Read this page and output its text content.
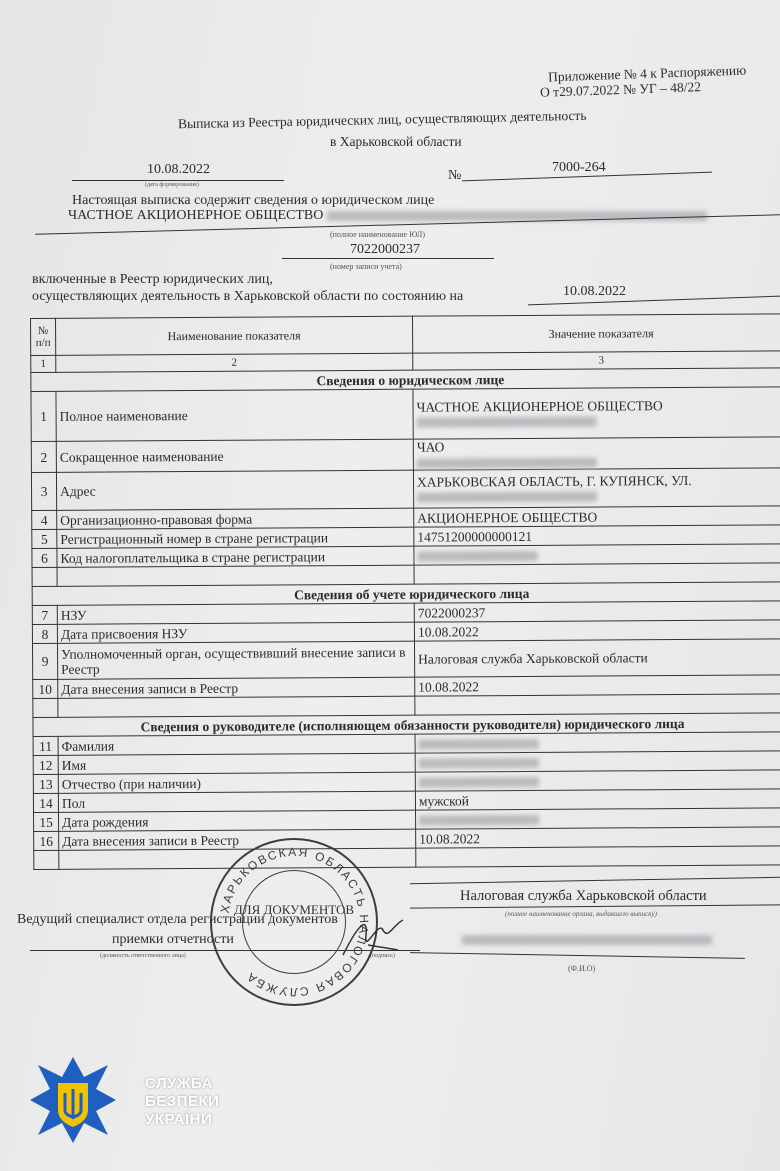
Приложение № 4 к Распоряжению
О т29.07.2022 № УГ – 48/22
Выписка из Реестра юридических лиц, осуществляющих деятельность
в Харьковской области
10.08.2022
(дата формирования)
№
7000-264
Настоящая выписка содержит сведения о юридическом лице
ЧАСТНОЕ АКЦИОНЕРНОЕ ОБЩЕСТВО
(полное наименование ЮЛ)
7022000237
(номер записи учета)
включенные в Реестр юридических лиц,
осуществляющих деятельность в Харьковской области по состоянию на	10.08.2022
№ п/п	Наименование показателя	Значение показателя
1	2	3
Сведения о юридическом лице		
1	Полное наименование	ЧАСТНОЕ АКЦИОНЕРНОЕ ОБЩЕСТВО

2	Сокращенное наименование	ЧАО

3	Адрес	ХАРЬКОВСКАЯ ОБЛАСТЬ, Г. КУПЯНСК, УЛ.

4	Организационно-правовая форма	АКЦИОНЕРНОЕ ОБЩЕСТВО
5	Регистрационный номер в стране регистрации	14751200000000121
6	Код налогоплательщика в стране регистрации	

Сведения об учете юридического лица		
7	НЗУ	7022000237
8	Дата присвоения НЗУ	10.08.2022
9	Уполномоченный орган, осуществивший внесение записи в Реестр	Налоговая служба Харьковской области
10	Дата внесения записи в Реестр	10.08.2022

Сведения о руководителе (исполняющем обязанности руководителя) юридического лица		
11	Фамилия	
12	Имя	
13	Отчество (при наличии)	
14	Пол	мужской
15	Дата рождения	
16	Дата внесения записи в Реестр	10.08.2022

Налоговая служба Харьковской области
(полное наименование органа, выдавшего выписку)
(Ф.И.О)
Ведущий специалист отдела регистрации документов
приемки отчетности
(должность ответственного лица)	(подпись)
ХАРЬКОВСКАЯ ОБЛАСТЬ НАЛОГОВАЯ СЛУЖБА
ДЛЯ ДОКУМЕНТОВ
СЛУЖБА
БЕЗПЕКИ
УКРАЇНИ
